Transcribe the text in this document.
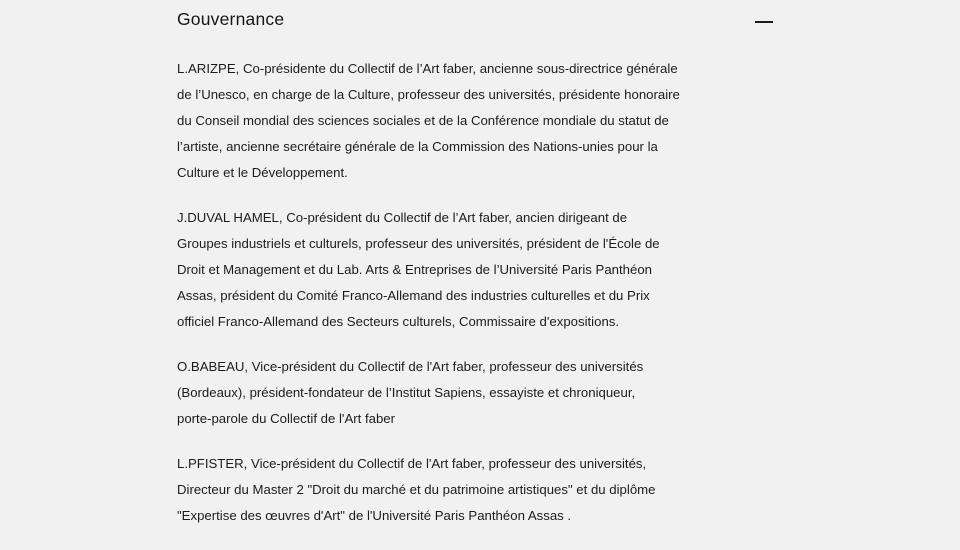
Gouvernance

L.ARIZPE, Co-présidente du Collectif de l’Art faber, ancienne sous-directrice générale
de l’Unesco, en charge de la Culture, professeur des universités, présidente honoraire
du Conseil mondial des sciences sociales et de la Conférence mondiale du statut de
l’artiste, ancienne secrétaire générale de la Commission des Nations-unies pour la
Culture et le Développement.

J.DUVAL HAMEL, Co-président du Collectif de l’Art faber, ancien dirigeant de
Groupes industriels et culturels, professeur des universités, président de l'École de
Droit et Management et du Lab. Arts & Entreprises de l’Université Paris Panthéon
Assas, président du Comité Franco-Allemand des industries culturelles et du Prix
officiel Franco-Allemand des Secteurs culturels, Commissaire d'expositions.

O.BABEAU, Vice-président du Collectif de l'Art faber, professeur des universités
(Bordeaux), président-fondateur de l’Institut Sapiens, essayiste et chroniqueur,
porte-parole du Collectif de l'Art faber

L.PFISTER, Vice-président du Collectif de l'Art faber, professeur des universités,
Directeur du Master 2 "Droit du marché et du patrimoine artistiques" et du diplôme
"Expertise des œuvres d'Art" de l'Université Paris Panthéon Assas .
